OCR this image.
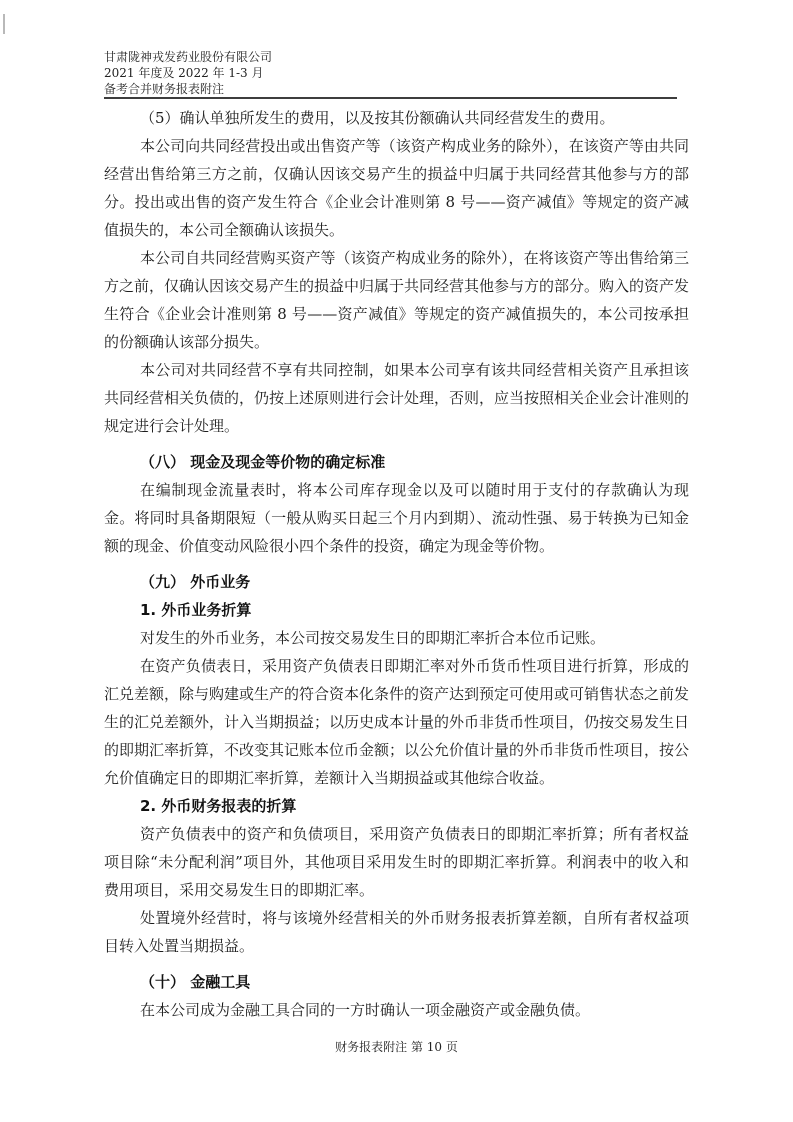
甘肃陇神戎发药业股份有限公司
2021 年度及 2022 年 1-3 月
备考合并财务报表附注

（5）确认单独所发生的费用，以及按其份额确认共同经营发生的费用。

本公司向共同经营投出或出售资产等（该资产构成业务的除外），在该资产等由共同经营出售给第三方之前，仅确认因该交易产生的损益中归属于共同经营其他参与方的部分。投出或出售的资产发生符合《企业会计准则第 8 号——资产减值》等规定的资产减值损失的，本公司全额确认该损失。

本公司自共同经营购买资产等（该资产构成业务的除外），在将该资产等出售给第三方之前，仅确认因该交易产生的损益中归属于共同经营其他参与方的部分。购入的资产发生符合《企业会计准则第 8 号——资产减值》等规定的资产减值损失的，本公司按承担的份额确认该部分损失。

本公司对共同经营不享有共同控制，如果本公司享有该共同经营相关资产且承担该共同经营相关负债的，仍按上述原则进行会计处理，否则，应当按照相关企业会计准则的规定进行会计处理。

（八） 现金及现金等价物的确定标准

在编制现金流量表时，将本公司库存现金以及可以随时用于支付的存款确认为现金。将同时具备期限短（一般从购买日起三个月内到期）、流动性强、易于转换为已知金额的现金、价值变动风险很小四个条件的投资，确定为现金等价物。

（九） 外币业务

1. 外币业务折算

对发生的外币业务，本公司按交易发生日的即期汇率折合本位币记账。

在资产负债表日，采用资产负债表日即期汇率对外币货币性项目进行折算，形成的汇兑差额，除与购建或生产的符合资本化条件的资产达到预定可使用或可销售状态之前发生的汇兑差额外，计入当期损益；以历史成本计量的外币非货币性项目，仍按交易发生日的即期汇率折算，不改变其记账本位币金额；以公允价值计量的外币非货币性项目，按公允价值确定日的即期汇率折算，差额计入当期损益或其他综合收益。

2. 外币财务报表的折算

资产负债表中的资产和负债项目，采用资产负债表日的即期汇率折算；所有者权益项目除“未分配利润”项目外，其他项目采用发生时的即期汇率折算。利润表中的收入和费用项目，采用交易发生日的即期汇率。

处置境外经营时，将与该境外经营相关的外币财务报表折算差额，自所有者权益项目转入处置当期损益。

（十） 金融工具

在本公司成为金融工具合同的一方时确认一项金融资产或金融负债。

财务报表附注 第 10 页
